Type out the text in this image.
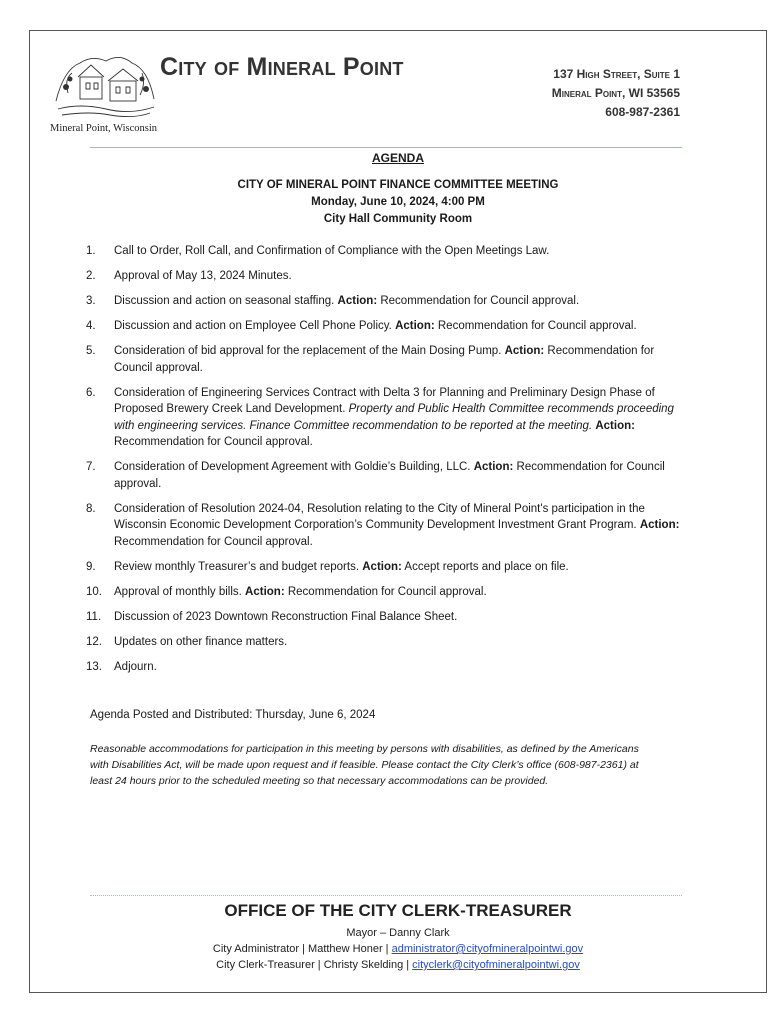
Mineral Point, Wisconsin
City of Mineral Point	137 High Street, Suite 1
Mineral Point, WI 53565
608-987-2361
AGENDA
CITY OF MINERAL POINT FINANCE COMMITTEE MEETING
Monday, June 10, 2024, 4:00 PM
City Hall Community Room
1. Call to Order, Roll Call, and Confirmation of Compliance with the Open Meetings Law.
2. Approval of May 13, 2024 Minutes.
3. Discussion and action on seasonal staffing. Action: Recommendation for Council approval.
4. Discussion and action on Employee Cell Phone Policy. Action: Recommendation for Council approval.
5. Consideration of bid approval for the replacement of the Main Dosing Pump. Action: Recommendation for Council approval.
6. Consideration of Engineering Services Contract with Delta 3 for Planning and Preliminary Design Phase of Proposed Brewery Creek Land Development. Property and Public Health Committee recommends proceeding with engineering services. Finance Committee recommendation to be reported at the meeting. Action: Recommendation for Council approval.
7. Consideration of Development Agreement with Goldie’s Building, LLC. Action: Recommendation for Council approval.
8. Consideration of Resolution 2024-04, Resolution relating to the City of Mineral Point's participation in the Wisconsin Economic Development Corporation’s Community Development Investment Grant Program. Action: Recommendation for Council approval.
9. Review monthly Treasurer’s and budget reports. Action: Accept reports and place on file.
10. Approval of monthly bills. Action: Recommendation for Council approval.
11. Discussion of 2023 Downtown Reconstruction Final Balance Sheet.
12. Updates on other finance matters.
13. Adjourn.
Agenda Posted and Distributed: Thursday, June 6, 2024
Reasonable accommodations for participation in this meeting by persons with disabilities, as defined by the Americans with Disabilities Act, will be made upon request and if feasible. Please contact the City Clerk’s office (608-987-2361) at least 24 hours prior to the scheduled meeting so that necessary accommodations can be provided.
OFFICE OF THE CITY CLERK-TREASURER
Mayor – Danny Clark
City Administrator | Matthew Honer | administrator@cityofmineralpointwi.gov
City Clerk-Treasurer | Christy Skelding | cityclerk@cityofmineralpointwi.gov
